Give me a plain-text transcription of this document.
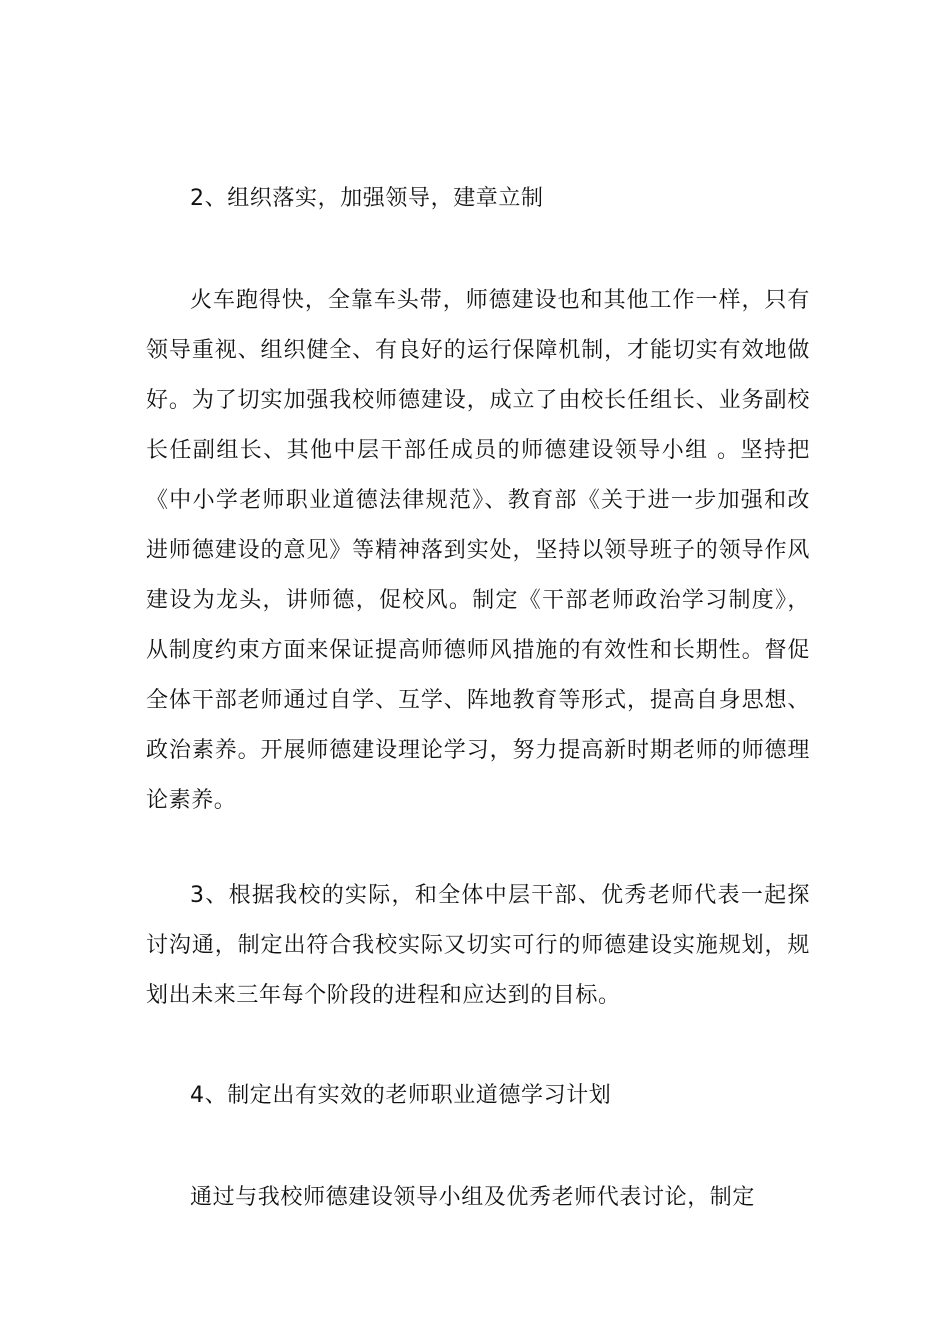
2、组织落实，加强领导，建章立制

火车跑得快，全靠车头带，师德建设也和其他工作一样，只有领导重视、组织健全、有良好的运行保障机制，才能切实有效地做好。为了切实加强我校师德建设，成立了由校长任组长、业务副校长任副组长、其他中层干部任成员的师德建设领导小组 。坚持把《中小学老师职业道德法律规范》、教育部《关于进一步加强和改进师德建设的意见》等精神落到实处，坚持以领导班子的领导作风建设为龙头，讲师德，促校风。制定《干部老师政治学习制度》，从制度约束方面来保证提高师德师风措施的有效性和长期性。督促全体干部老师通过自学、互学、阵地教育等形式，提高自身思想、政治素养。开展师德建设理论学习，努力提高新时期老师的师德理论素养。

3、根据我校的实际，和全体中层干部、优秀老师代表一起探讨沟通，制定出符合我校实际又切实可行的师德建设实施规划，规划出未来三年每个阶段的进程和应达到的目标。

4、制定出有实效的老师职业道德学习计划

通过与我校师德建设领导小组及优秀老师代表讨论，制定
